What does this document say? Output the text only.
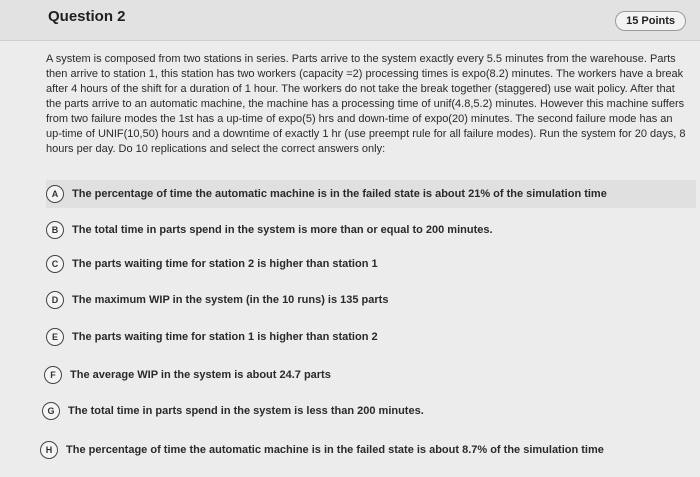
Question 2	15 Points
A system is composed from two stations in series. Parts arrive to the system exactly every 5.5 minutes from the warehouse. Parts then arrive to station 1, this station has two workers (capacity =2) processing times is expo(8.2) minutes. The workers have a break after 4 hours of the shift for a duration of 1 hour. The workers do not take the break together (staggered) use wait policy. After that the parts arrive to an automatic machine, the machine has a processing time of unif(4.8,5.2) minutes. However this machine suffers from two failure modes the 1st has a up-time of expo(5) hrs and down-time of expo(20) minutes. The second failure mode has an up-time of UNIF(10,50) hours and a downtime of exactly 1 hr (use preempt rule for all failure modes). Run the system for 20 days, 8 hours per day. Do 10 replications and select the correct answers only:
A	The percentage of time the automatic machine is in the failed state is about 21% of the simulation time
B	The total time in parts spend in the system is more than or equal to 200 minutes.
C	The parts waiting time for station 2 is higher than station 1
D	The maximum WIP in the system (in the 10 runs) is 135 parts
E	The parts waiting time for station 1 is higher than station 2
F	The average WIP in the system is about 24.7 parts
G	The total time in parts spend in the system is less than 200 minutes.
H	The percentage of time the automatic machine is in the failed state is about 8.7% of the simulation time
